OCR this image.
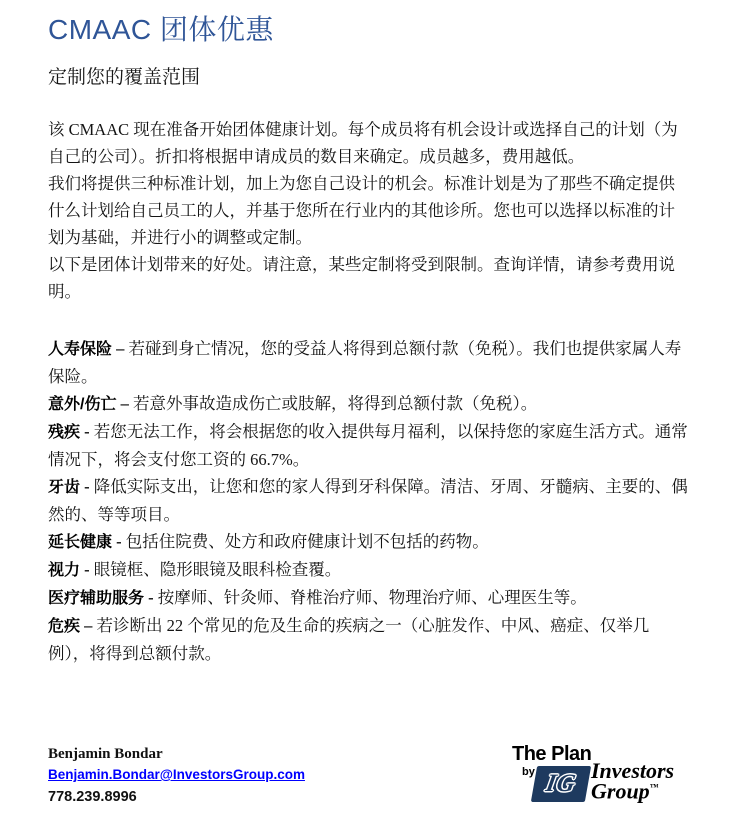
CMAAC 团体优惠
定制您的覆盖范围

该 CMAAC 现在准备开始团体健康计划。每个成员将有机会设计或选择自己的计划（为自己的公司）。折扣将根据申请成员的数目来确定。成员越多，费用越低。

我们将提供三种标准计划，加上为您自己设计的机会。标准计划是为了那些不确定提供什么计划给自己员工的人，并基于您所在行业内的其他诊所。您也可以选择以标准的计划为基础，并进行小的调整或定制。

以下是团体计划带来的好处。请注意，某些定制将受到限制。查询详情，请参考费用说明。

人寿保险 – 若碰到身亡情况，您的受益人将得到总额付款（免税）。我们也提供家属人寿保险。

意外/伤亡 – 若意外事故造成伤亡或肢解，将得到总额付款（免税）。

残疾 - 若您无法工作，将会根据您的收入提供每月福利，以保持您的家庭生活方式。通常情况下，将会支付您工资的 66.7%。

牙齿 - 降低实际支出，让您和您的家人得到牙科保障。清洁、牙周、牙髓病、主要的、偶然的、等等项目。

延长健康 - 包括住院费、处方和政府健康计划不包括的药物。

视力 - 眼镜框、隐形眼镜及眼科检查覆。

医疗辅助服务 - 按摩师、针灸师、脊椎治疗师、物理治疗师、心理医生等。

危疾 – 若诊断出 22 个常见的危及生命的疾病之一（心脏发作、中风、癌症、仅举几例），将得到总额付款。

Benjamin Bondar
Benjamin.Bondar@InvestorsGroup.com
778.239.8996
The Plan
by IG Investors
Group™
